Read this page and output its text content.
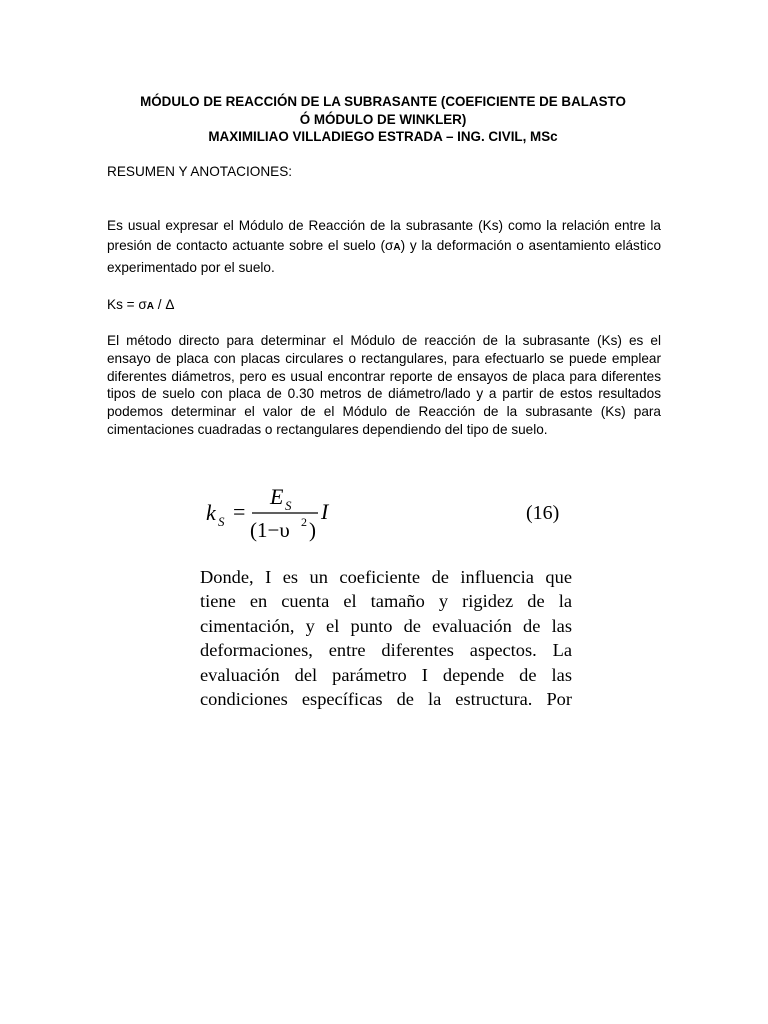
MÓDULO DE REACCIÓN DE LA SUBRASANTE (COEFICIENTE DE BALASTO
Ó MÓDULO DE WINKLER)
MAXIMILIAO VILLADIEGO ESTRADA – ING. CIVIL, MSc
RESUMEN Y ANOTACIONES:
Es usual expresar el Módulo de Reacción de la subrasante (Ks) como la relación entre la presión de contacto actuante sobre el suelo (σA) y la deformación o asentamiento elástico experimentado por el suelo.
Ks = σA / Δ
El método directo para determinar el Módulo de reacción de la subrasante (Ks) es el ensayo de placa con placas circulares o rectangulares, para efectuarlo se puede emplear diferentes diámetros, pero es usual encontrar reporte de ensayos de placa para diferentes tipos de suelo con placa de 0.30 metros de diámetro/lado y a partir de estos resultados podemos determinar el valor de el Módulo de Reacción de la subrasante (Ks) para cimentaciones cuadradas o rectangulares dependiendo del tipo de suelo.
k S =
E S
(1−υ 2 )
I	(16)
Donde, I es un coeficiente de influencia que
tiene en cuenta el tamaño y rigidez de la
cimentación, y el punto de evaluación de las
deformaciones, entre diferentes aspectos. La
evaluación del parámetro I depende de las
condiciones específicas de la estructura. Por
